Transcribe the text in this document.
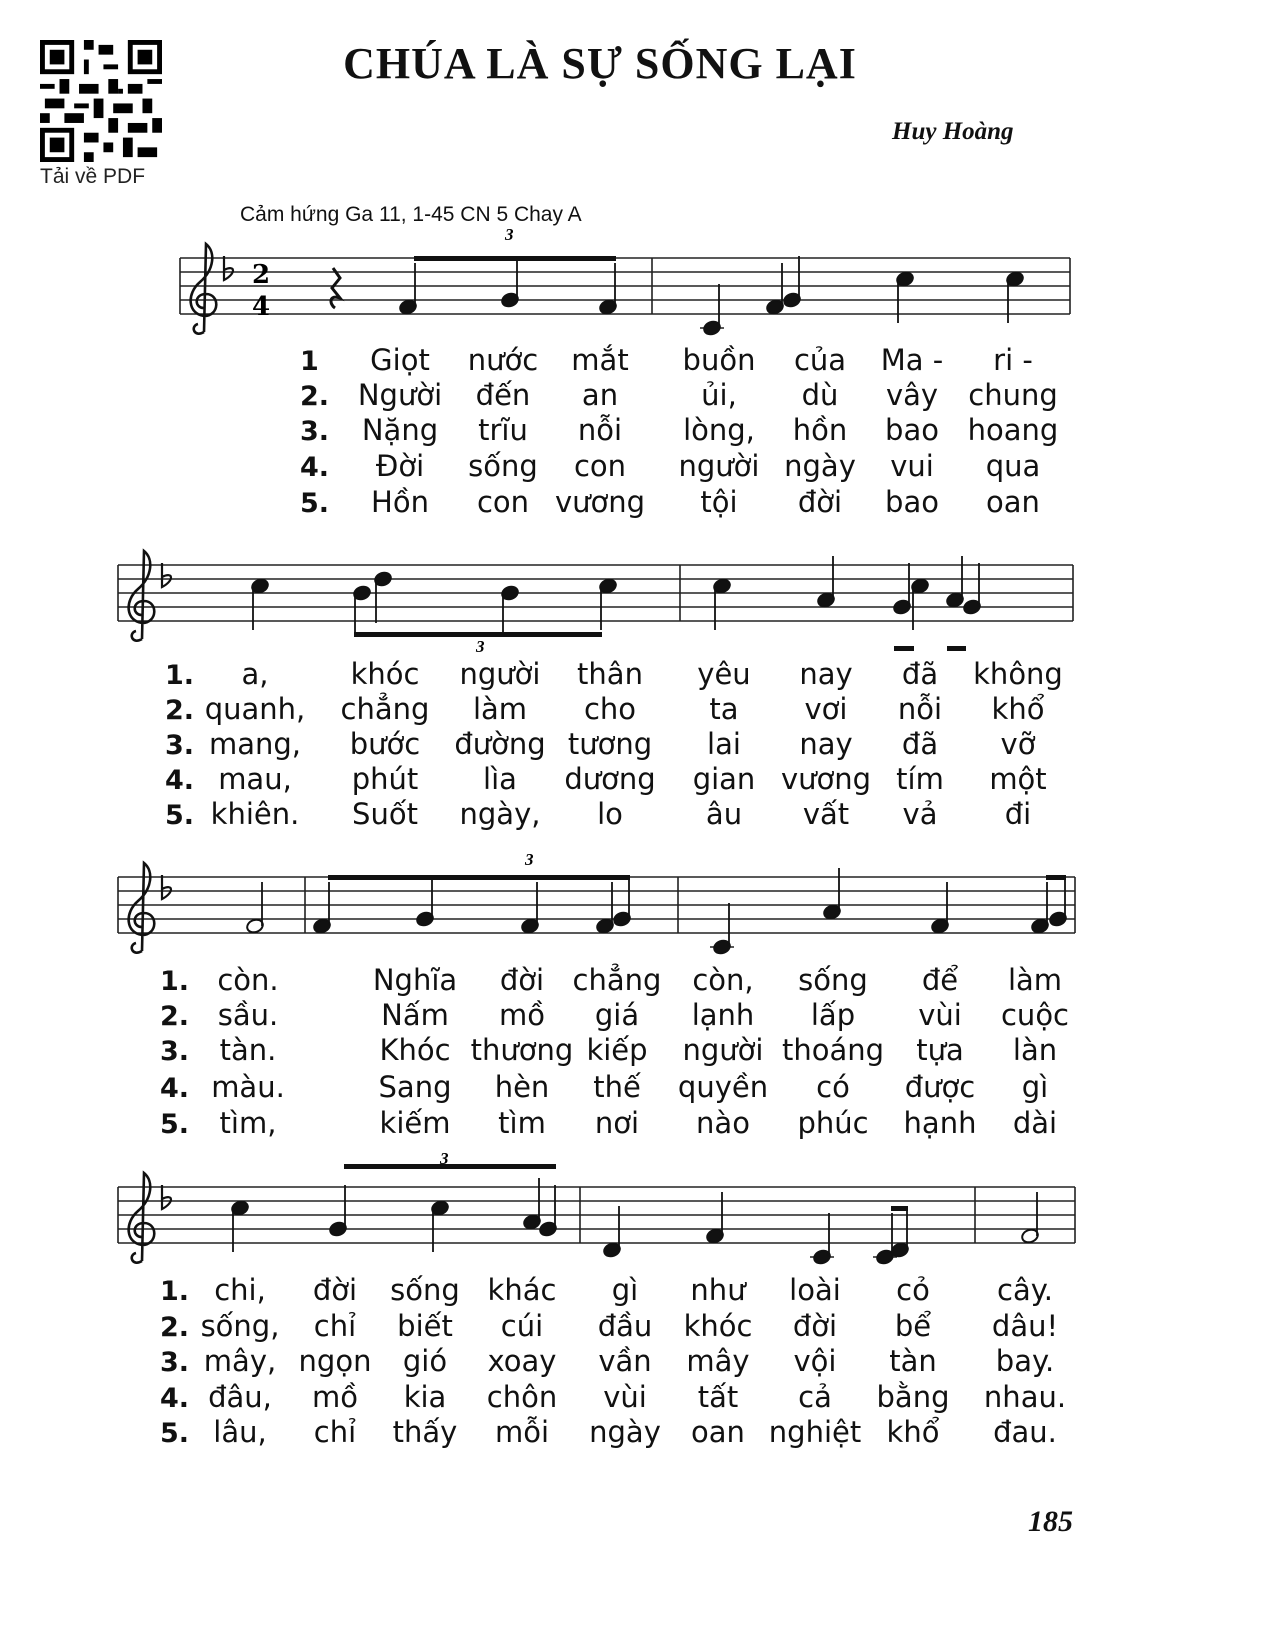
Tải về PDF
CHÚA LÀ SỰ SỐNG LẠI
Huy Hoàng
Cảm hứng Ga 11, 1-45 CN 5 Chay A
2
4
3
3
3
3
1 Giọt nước mắt buồn của Ma - ri -
2. Người đến an	ủi, dù vây chung
3. Nặng trĩu nỗi lòng, hồn bao hoang
4. Đời sống con người ngày vui qua
5. Hồn con vương tội đời bao oan
1. a,	khóc người thân yêu nay đã không
2. quanh, chẳng làm cho	ta vơi nỗi khổ
3. mang, bước đường tương lai nay đã vỡ
4. mau, phút lìa dương gian vương tím một
5. khiên. Suốt ngày, lo	âu vất vả đi
1. còn.	Nghĩa đời chẳng còn, sống để làm
2. sầu.	Nấm mồ giá lạnh lấp vùi cuộc
3. tàn.	Khóc thương kiếp người thoáng tựa làn
4. màu.	Sang hèn thế quyền có được gì
5. tìm,	kiếm tìm nơi nào phúc hạnh dài
1. chi, đời sống khác gì như loài cỏ cây.
2. sống, chỉ biết cúi đầu khóc đời bể dâu!
3. mây, ngọn gió xoay vần mây vội tàn bay.
4. đâu, mồ kia chôn vùi tất cả bằng nhau.
5. lâu, chỉ thấy mỗi ngày oan nghiệt khổ đau.
185
